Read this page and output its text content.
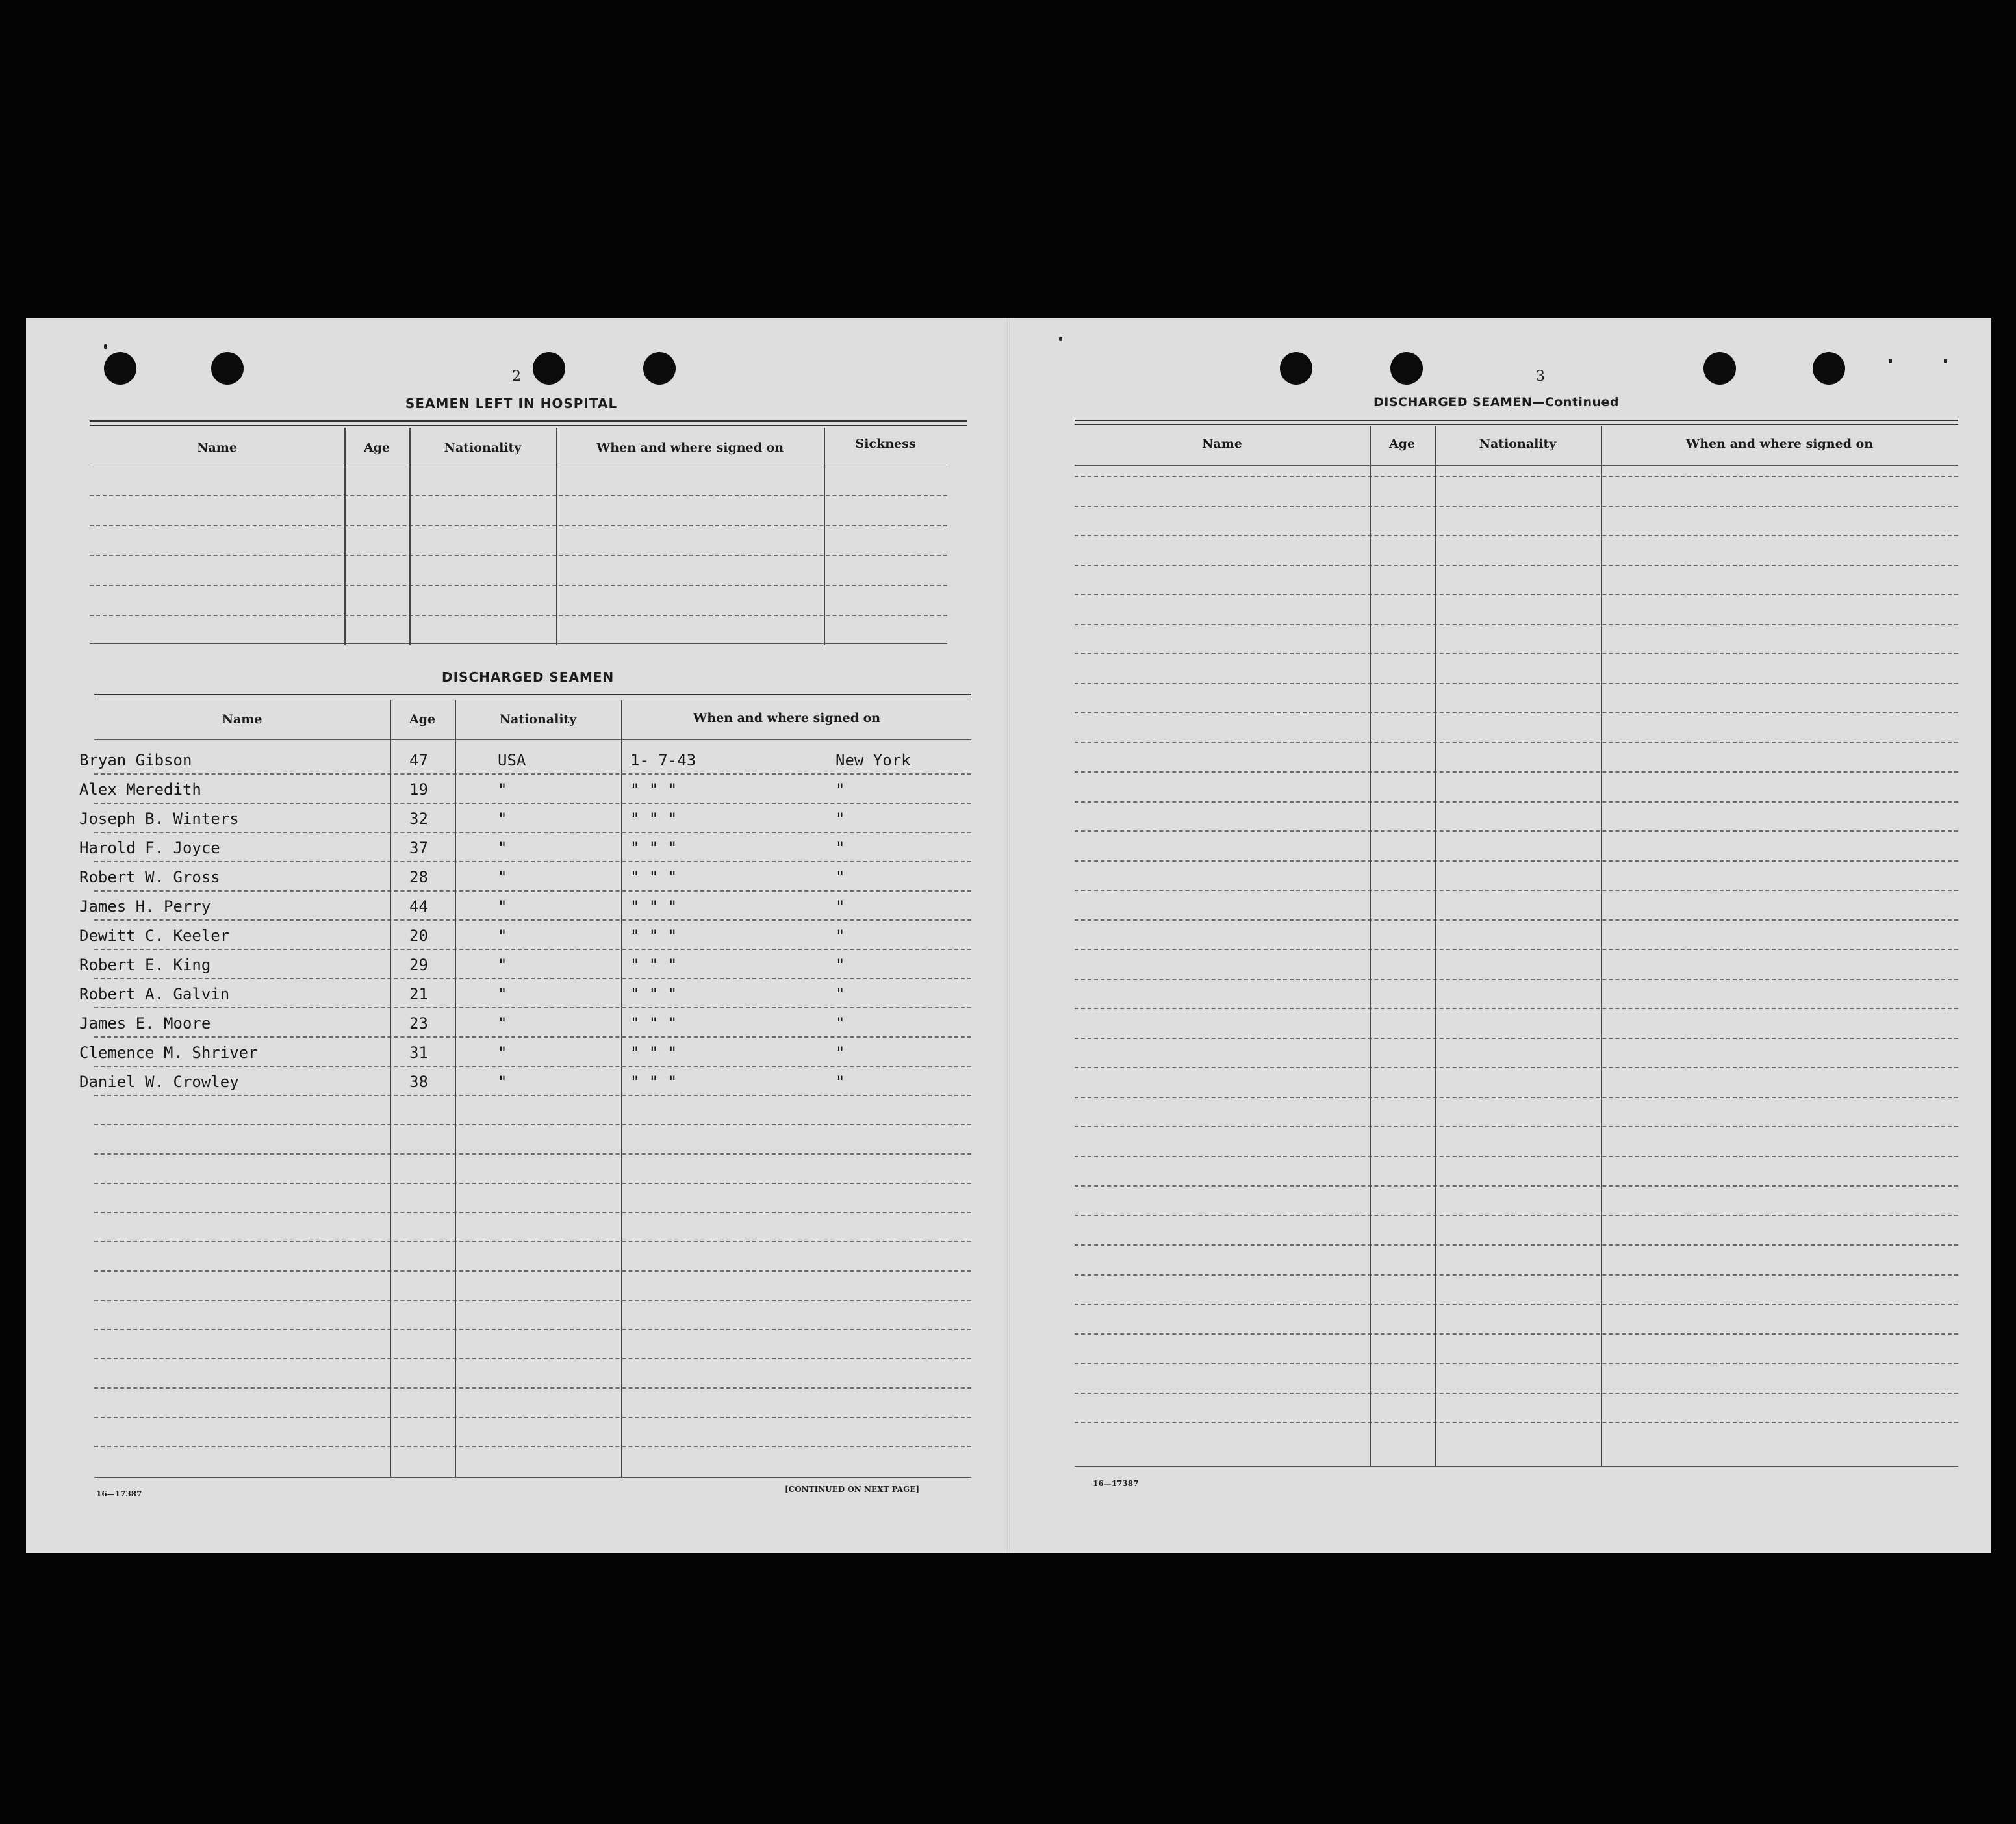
2
SEAMEN LEFT IN HOSPITAL
Name	Age	Nationality	When and where signed on	Sickness
DISCHARGED SEAMEN
Name	Age	Nationality	When and where signed on
Bryan Gibson	47	USA	1- 7-43	New York
Alex Meredith	19	"	" " "	"
Joseph B. Winters	32	"	" " "	"
Harold F. Joyce	37	"	" " "	"
Robert W. Gross	28	"	" " "	"
James H. Perry	44	"	" " "	"
Dewitt C. Keeler	20	"	" " "	"
Robert E. King	29	"	" " "	"
Robert A. Galvin	21	"	" " "	"
James E. Moore	23	"	" " "	"
Clemence M. Shriver	31	"	" " "	"
Daniel W. Crowley	38	"	" " "	"
16—17387	[CONTINUED ON NEXT PAGE]
3
DISCHARGED SEAMEN—Continued
Name	Age	Nationality	When and where signed on
16—17387
